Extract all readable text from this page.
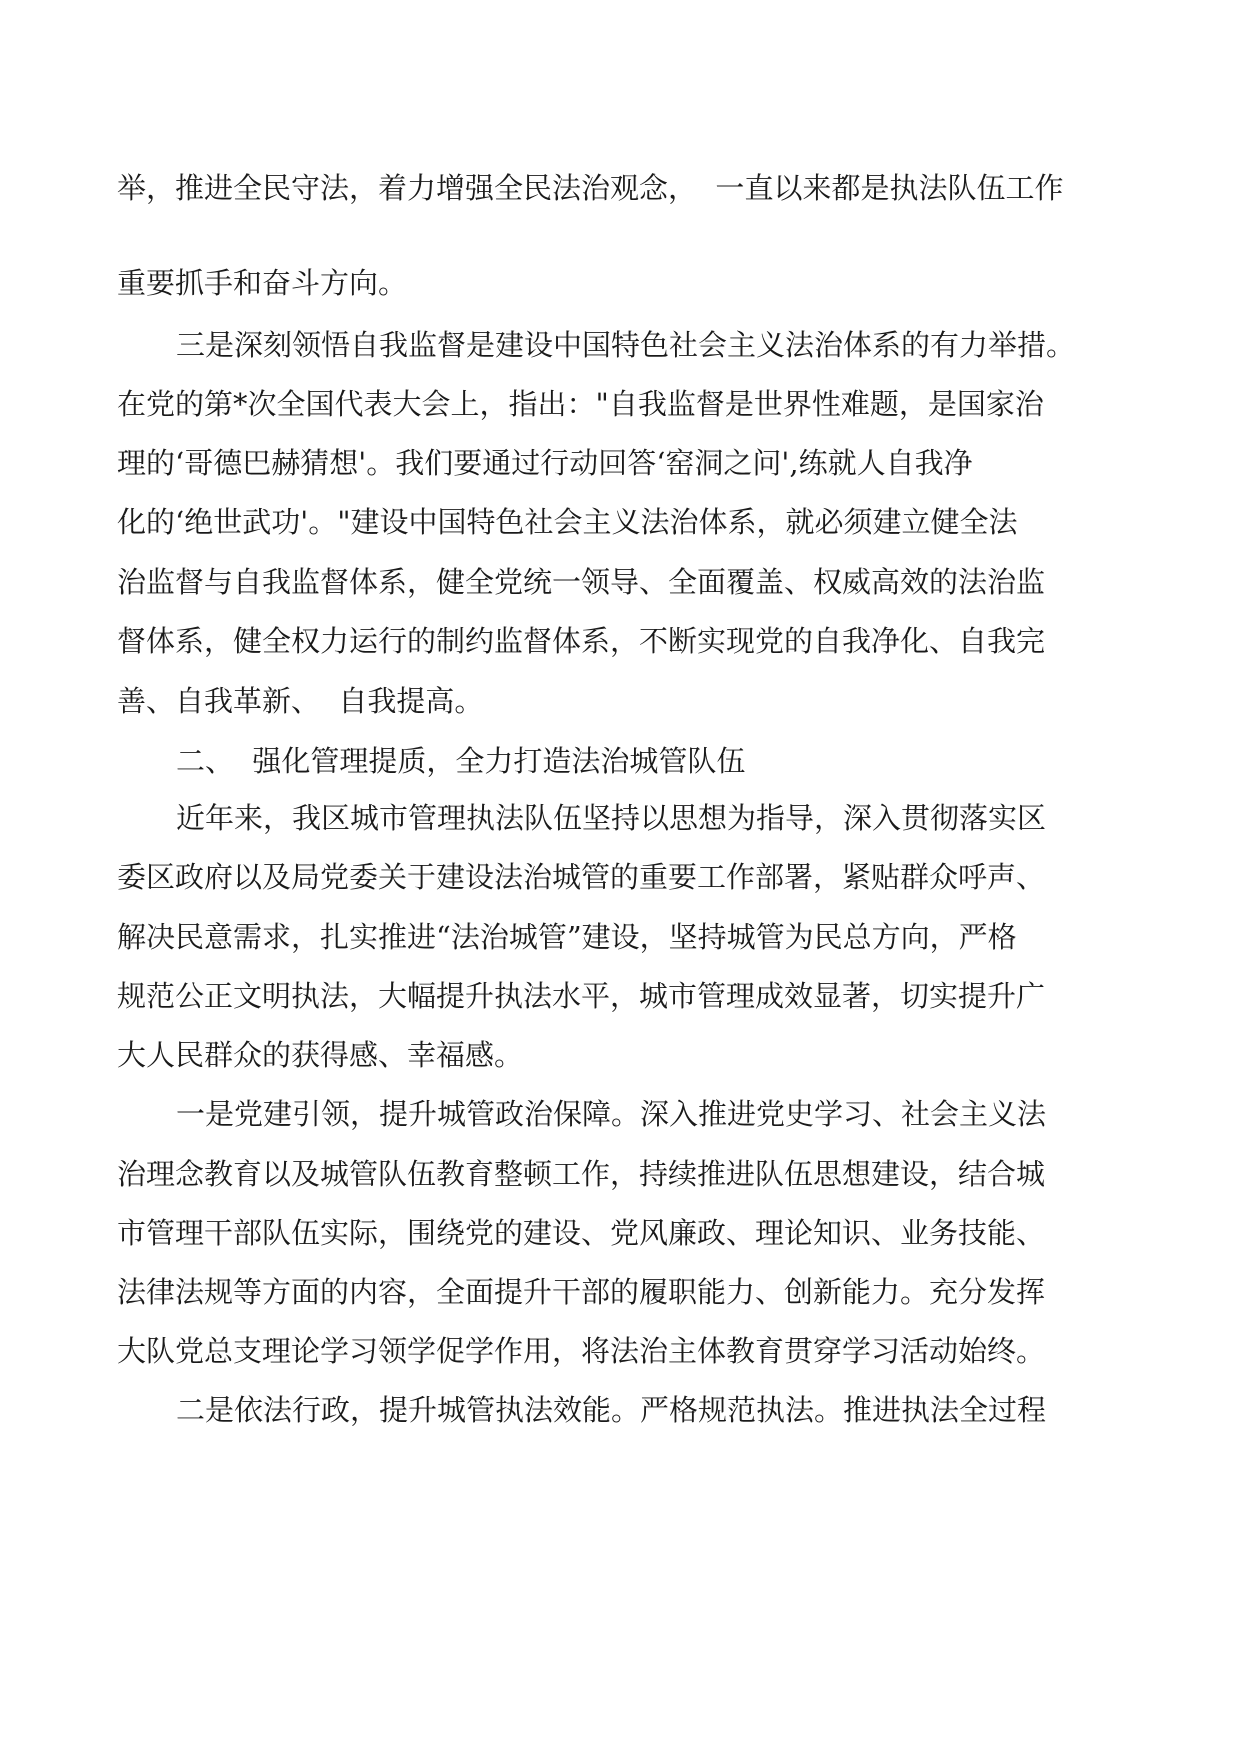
举，推进全民守法，着力增强全民法治观念，  一直以来都是执法队伍工作
重要抓手和奋斗方向。
三是深刻领悟自我监督是建设中国特色社会主义法治体系的有力举措。
在党的第*次全国代表大会上，指出："自我监督是世界性难题，是国家治
理的‘哥德巴赫猜想'。我们要通过行动回答‘窑洞之问',练就人自我净
化的‘绝世武功'。"建设中国特色社会主义法治体系，就必须建立健全法
治监督与自我监督体系，健全党统一领导、全面覆盖、权威高效的法治监
督体系，健全权力运行的制约监督体系，不断实现党的自我净化、自我完
善、自我革新、  自我提高。
二、  强化管理提质，全力打造法治城管队伍
近年来，我区城市管理执法队伍坚持以思想为指导，深入贯彻落实区
委区政府以及局党委关于建设法治城管的重要工作部署，紧贴群众呼声、
解决民意需求，扎实推进“法治城管”建设，坚持城管为民总方向，严格
规范公正文明执法，大幅提升执法水平，城市管理成效显著，切实提升广
大人民群众的获得感、幸福感。
一是党建引领，提升城管政治保障。深入推进党史学习、社会主义法
治理念教育以及城管队伍教育整顿工作，持续推进队伍思想建设，结合城
市管理干部队伍实际，围绕党的建设、党风廉政、理论知识、业务技能、
法律法规等方面的内容，全面提升干部的履职能力、创新能力。充分发挥
大队党总支理论学习领学促学作用，将法治主体教育贯穿学习活动始终。
二是依法行政，提升城管执法效能。严格规范执法。推进执法全过程
